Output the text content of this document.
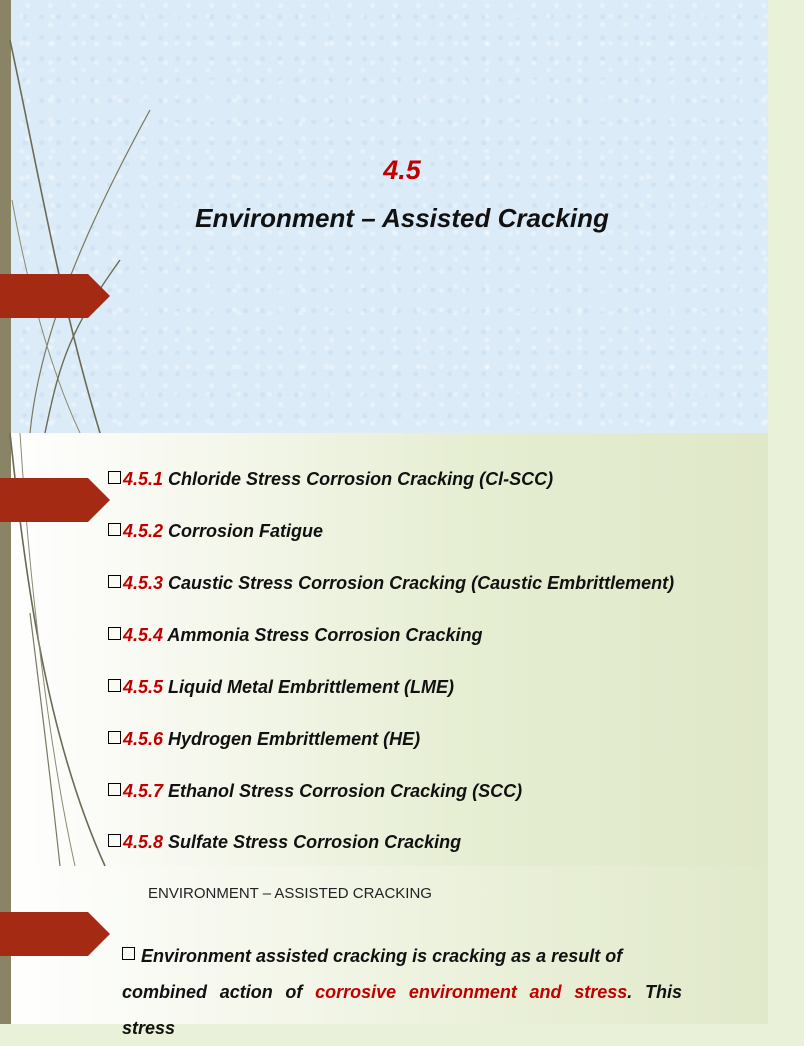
4.5
Environment – Assisted Cracking
4.5.1 Chloride Stress Corrosion Cracking (Cl-SCC)
4.5.2 Corrosion Fatigue
4.5.3 Caustic Stress Corrosion Cracking (Caustic Embrittlement)
4.5.4 Ammonia Stress Corrosion Cracking
4.5.5 Liquid Metal Embrittlement (LME)
4.5.6 Hydrogen Embrittlement (HE)
4.5.7 Ethanol Stress Corrosion Cracking (SCC)
4.5.8 Sulfate Stress Corrosion Cracking
ENVIRONMENT – ASSISTED CRACKING
Environment assisted cracking is cracking as a result of
combined action of corrosive environment and stress. This stress
